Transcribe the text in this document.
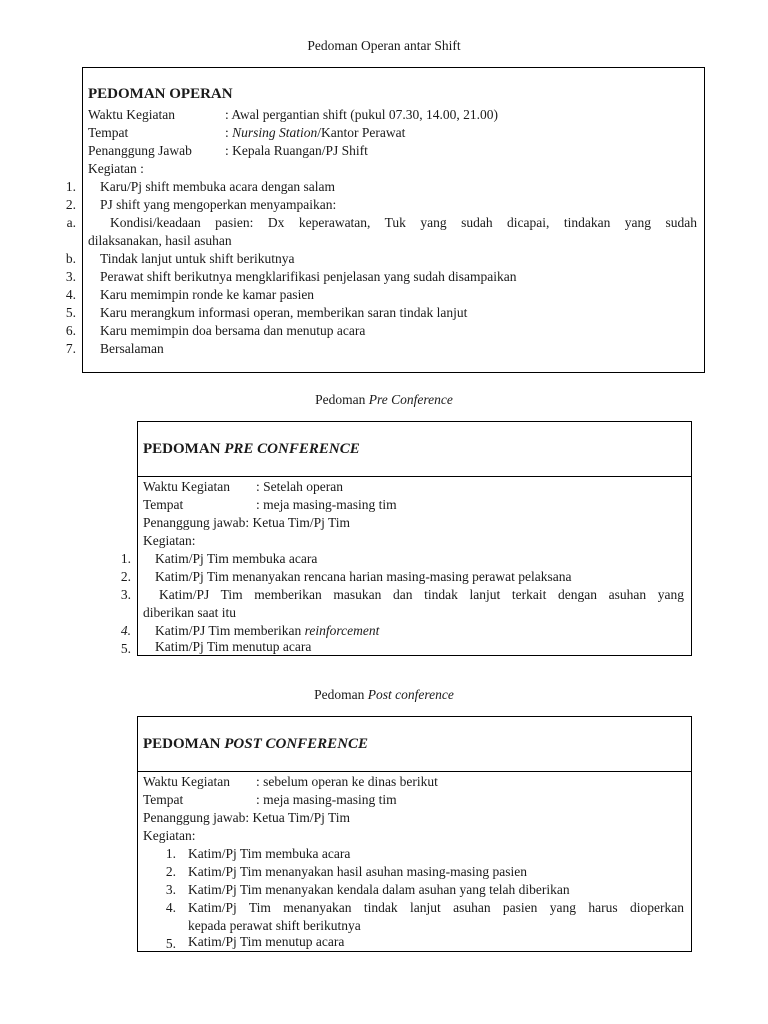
Pedoman Operan antar Shift
PEDOMAN OPERAN
Waktu Kegiatan	: Awal pergantian shift (pukul 07.30, 14.00, 21.00)
Tempat	: Nursing Station/Kantor Perawat
Penanggung Jawab : Kepala Ruangan/PJ Shift
Kegiatan :
1. Karu/Pj shift membuka acara dengan salam
2. PJ shift yang mengoperkan menyampaikan:
a.	Kondisi/keadaan pasien: Dx keperawatan, Tuk yang sudah dicapai, tindakan yang sudah
dilaksanakan, hasil asuhan
b. Tindak lanjut untuk shift berikutnya
3. Perawat shift berikutnya mengklarifikasi penjelasan yang sudah disampaikan
4. Karu memimpin ronde ke kamar pasien
5. Karu merangkum informasi operan, memberikan saran tindak lanjut
6. Karu memimpin doa bersama dan menutup acara
7. Bersalaman
Pedoman Pre Conference
PEDOMAN PRE CONFERENCE
Waktu Kegiatan : Setelah operan
Tempat	: meja masing-masing tim
Penanggung jawab: Ketua Tim/Pj Tim
Kegiatan:
1. Katim/Pj Tim membuka acara
2. Katim/Pj Tim menanyakan rencana harian masing-masing perawat pelaksana
3. Katim/PJ Tim memberikan masukan dan tindak lanjut terkait dengan asuhan yang
diberikan saat itu
4. Katim/PJ Tim memberikan reinforcement
5. Katim/Pj Tim menutup acara
Pedoman Post conference
PEDOMAN POST CONFERENCE
Waktu Kegiatan : sebelum operan ke dinas berikut
Tempat	: meja masing-masing tim
Penanggung jawab: Ketua Tim/Pj Tim
Kegiatan:
1. Katim/Pj Tim membuka acara
2. Katim/Pj Tim menanyakan hasil asuhan masing-masing pasien
3. Katim/Pj Tim menanyakan kendala dalam asuhan yang telah diberikan
4. Katim/Pj Tim menanyakan tindak lanjut asuhan pasien yang harus dioperkan
kepada perawat shift berikutnya
5. Katim/Pj Tim menutup acara
